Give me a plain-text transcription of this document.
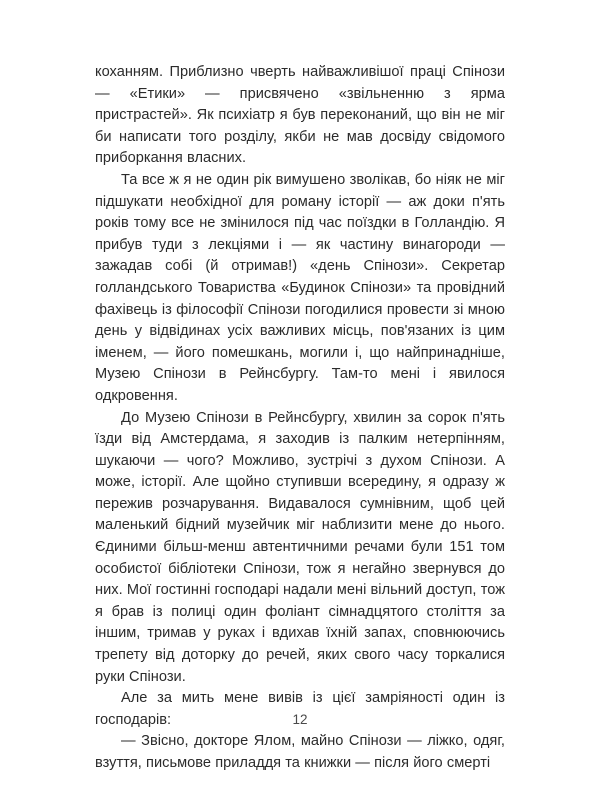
коханням. Приблизно чверть найважливішої праці Спінози — «Етики» — присвячено «звільненню з ярма пристрастей». Як психіатр я був переконаний, що він не міг би написати того розділу, якби не мав досвіду свідомого приборкання власних.

Та все ж я не один рік вимушено зволікав, бо ніяк не міг підшукати необхідної для роману історії — аж доки п'ять років тому все не змінилося під час поїздки в Голландію. Я прибув туди з лекціями і — як частину винагороди — зажадав собі (й отримав!) «день Спінози». Секретар голландського Товариства «Будинок Спінози» та провідний фахівець із філософії Спінози погодилися провести зі мною день у відвідинах усіх важливих місць, пов'язаних із цим іменем, — його помешкань, могили і, що найпринадніше, Музею Спінози в Рейнсбургу. Там-то мені і явилося одкровення.

До Музею Спінози в Рейнсбургу, хвилин за сорок п'ять їзди від Амстердама, я заходив із палким нетерпінням, шукаючи — чого? Можливо, зустрічі з духом Спінози. А може, історії. Але щойно ступивши всередину, я одразу ж пережив розчарування. Видавалося сумнівним, щоб цей маленький бідний музейчик міг наблизити мене до нього. Єдиними більш-менш автентичними речами були 151 том особистої бібліотеки Спінози, тож я негайно звернувся до них. Мої гостинні господарі надали мені вільний доступ, тож я брав із полиці один фоліант сімнадцятого століття за іншим, тримав у руках і вдихав їхній запах, сповнюючись трепету від доторку до речей, яких свого часу торкалися руки Спінози.

Але за мить мене вивів із цієї замріяності один із господарів:

— Звісно, докторе Ялом, майно Спінози — ліжко, одяг, взуття, письмове приладдя та книжки — після його смерті

12
